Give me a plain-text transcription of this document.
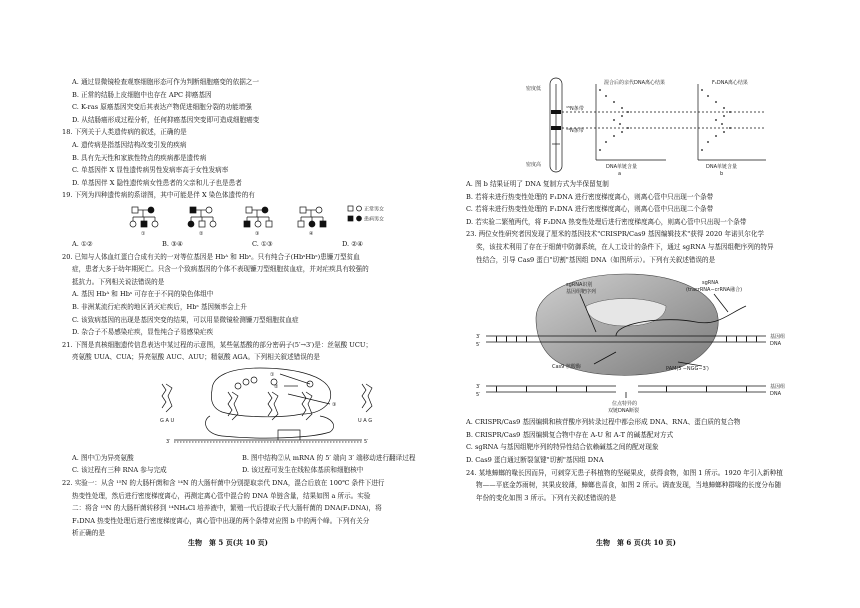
A. 通过显微镜检查观察细胞形态可作为判断细胞癌变的依据之一
B. 正常的结肠上皮细胞中也存在 APC 抑癌基因
C. K-ras 原癌基因突变后其表达产物促进细胞分裂的功能增强
D. 从结肠癌形成过程分析，任何抑癌基因突变即可造成细胞癌变
18. 下列关于人类遗传病的叙述，正确的是
A. 遗传病是指基因结构改变引发的疾病
B. 具有先天性和家族性特点的疾病都是遗传病
C. 单基因伴 X 显性遗传病男性发病率高于女性发病率
D. 单基因伴 X 隐性遗传病女性患者的父亲和儿子也是患者
19. 下列为四种遗传病的系谱图，其中可能是伴 X 染色体遗传的有
①	②	③	④
正常男女
患病男女
A. ①②	B. ③④	C. ①③	D. ②④
20. 已知与人体血红蛋白合成有关的一对等位基因是 Hbᴬ 和 Hbˢ。只有纯合子(HbˢHbˢ)患镰刀型贫血
症，患者大多于幼年期死亡。只含一个致病基因的个体不表现镰刀型细胞贫血症，并对疟疾具有较强的
抵抗力。下列相关说法错误的是
A. 基因 Hbᴬ 和 Hbˢ 可存在于不同的染色体组中
B. 非洲某流行疟疾的地区消灭疟疾后，Hbˢ 基因频率会上升
C. 该致病基因的出现是基因突变的结果，可以用显微镜检测镰刀型细胞贫血症
D. 杂合子不易感染疟疾，显性纯合子易感染疟疾
21. 下图是真核细胞遗传信息表达中某过程的示意图，某些氨基酸的部分密码子(5′→3′)是：丝氨酸 UCU；
亮氨酸 UUA、CUA；异亮氨酸 AUC、AUU；精氨酸 AGA。下列相关叙述错误的是
①
②
③
G A U	U A G
3′	5′
A. 图中①为异亮氨酸	B. 图中结构②从 mRNA 的 5′ 端向 3′ 端移动进行翻译过程
C. 该过程有三种 RNA 参与完成	D. 该过程可发生在线粒体基质和细胞核中
22. 实验一：从含 ¹⁵N 的大肠杆菌和含 ¹⁴N 的大肠杆菌中分别提取亲代 DNA，混合后放在 100℃ 条件下进行
热变性处理，然后进行密度梯度离心，再测定离心管中混合的 DNA 单链含量，结果如图 a 所示。实验
二：将含 ¹⁵N 的大肠杆菌转移到 ¹⁴NH₄Cl 培养液中，繁殖一代后提取子代大肠杆菌的 DNA(F₁DNA)，将
F₁DNA 热变性处理后进行密度梯度离心，离心管中出现的两个条带对应图 b 中的两个峰。下列有关分
析正确的是
密度低
密度高
¹⁵N条带
¹⁴N条带
混合后的亲代DNA离心结果	F₁DNA离心结果
DNA单链含量	DNA单链含量
a	b
A. 图 b 结果证明了 DNA 复制方式为半保留复制
B. 若将未进行热变性处理的 F₁DNA 进行密度梯度离心，则离心管中只出现一个条带
C. 若将未进行热变性处理的 F₁DNA 进行密度梯度离心，则离心管中只出现二个条带
D. 若实验二繁殖两代，将 F₂DNA 热变性处理后进行密度梯度离心，则离心管中只出现一个条带
23. 两位女性研究者因发现了厘米的基因技术"CRISPR/Cas9 基因编辑技术"获得 2020 年诺贝尔化学
奖，该技术利用了存在于细菌中防御系统，在人工设计的条件下，通过 sgRNA 与基因组靶序列的特异
性结合，引导 Cas9 蛋白"切割"基因组 DNA（如图所示）。下列有关叙述错误的是
sgRNA识别
基因组靶序列
sgRNA
(tracrRNA−crRNA融合)
基因组
DNA
Cas9 核酸酶	PAM(5′−NGG−3′)
基因组
DNA
位点特异的
双链DNA断裂
3′
5′
3′
5′
A. CRISPR/Cas9 基因编辑和核苷酸序列转录过程中都会形成 DNA、RNA、蛋白质的复合物
B. CRISPR/Cas9 基因编辑复合物中存在 A-U 和 A-T 的碱基配对方式
C. sgRNA 与基因组靶序列的特异性结合依赖碱基之间的配对现象
D. Cas9 蛋白通过断裂氢键"切割"基因组 DNA
24. 某地蟑螂的喙长因而异，可刺穿无患子科植物的坚硬果皮，获得食物，如图 1 所示。1920 年引入新种植
物——平底金苏雨树，其果皮较薄，蟑螂也喜食，如图 2 所示。调查发现，当地蟑螂种群喙的长度分布随
年份的变化如图 3 所示。下列有关叙述错误的是
生物　第 5 页(共 10 页)	生物　第 6 页(共 10 页)
